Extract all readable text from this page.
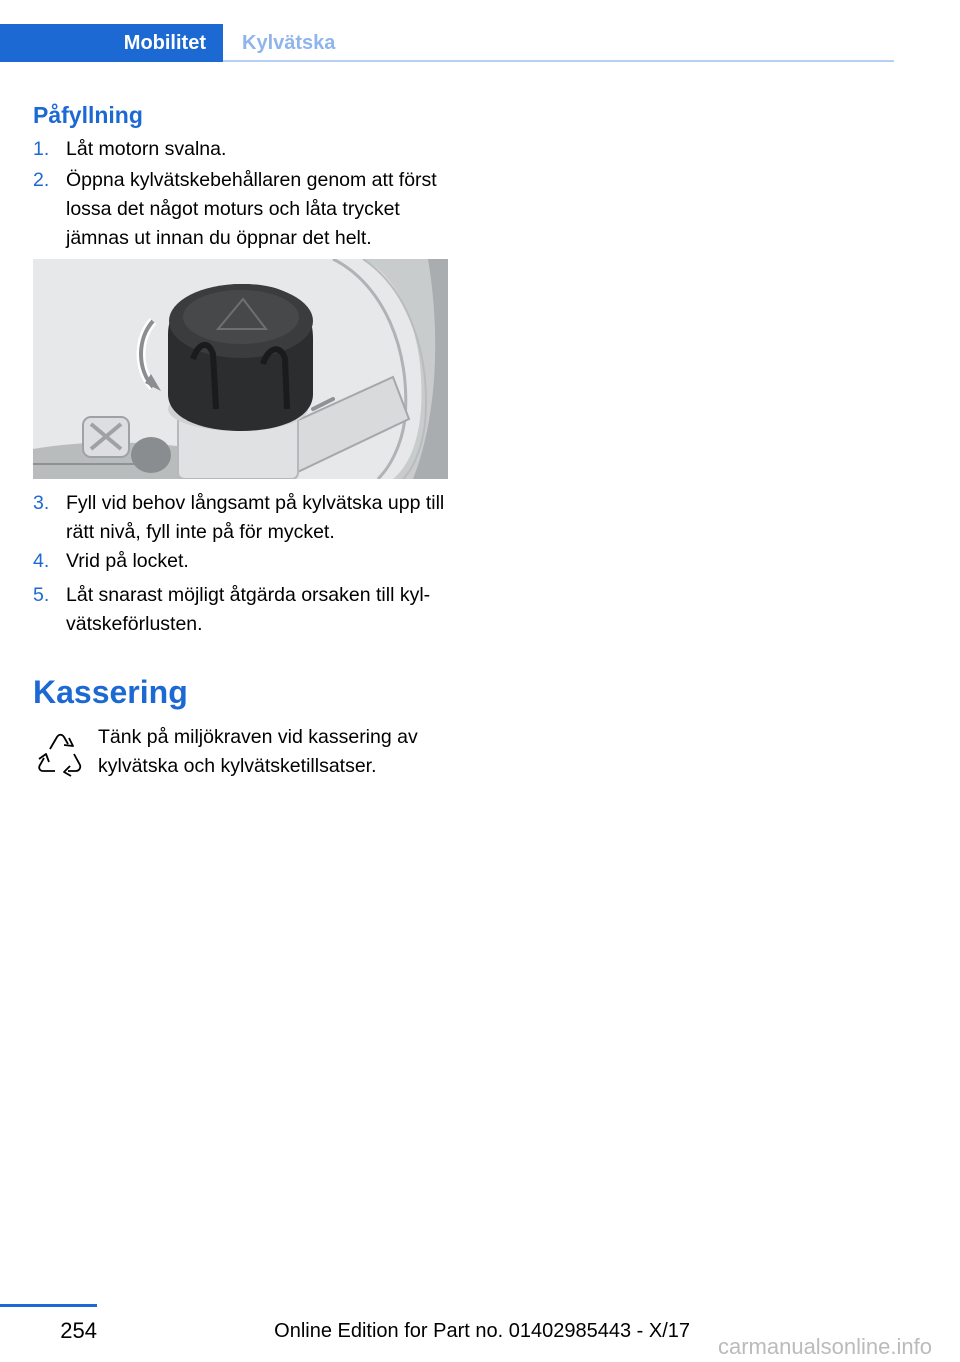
Mobilitet	Kylvätska
Påfyllning
1. Låt motorn svalna.
2. Öppna kylvätskebehållaren genom att först lossa det något moturs och låta trycket jämnas ut innan du öppnar det helt.
3. Fyll vid behov långsamt på kylvätska upp till rätt nivå, fyll inte på för mycket.
4. Vrid på locket.
5. Låt snarast möjligt åtgärda orsaken till kylvätskeförlusten.
Kassering
Tänk på miljökraven vid kassering av kylvätska och kylvätsketillsatser.
254	Online Edition for Part no. 01402985443 - X/17
carmanualsonline.info
